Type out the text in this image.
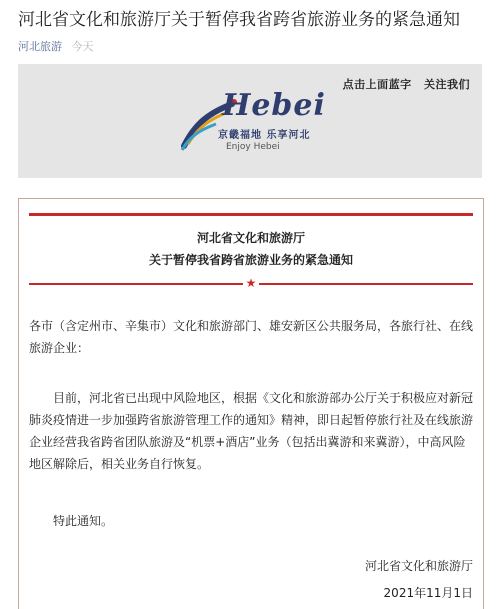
河北省文化和旅游厅关于暂停我省跨省旅游业务的紧急通知
河北旅游 今天
点击上面蓝字 关注我们
Hebei
京畿福地 乐享河北
Enjoy Hebei
河北省文化和旅游厅
关于暂停我省跨省旅游业务的紧急通知
★
各市（含定州市、辛集市）文化和旅游部门、雄安新区公共服务局，各旅行社、在线旅游企业：
目前，河北省已出现中风险地区，根据《文化和旅游部办公厅关于积极应对新冠肺炎疫情进一步加强跨省旅游管理工作的通知》精神，即日起暂停旅行社及在线旅游企业经营我省跨省团队旅游及“机票+酒店”业务（包括出冀游和来冀游），中高风险地区解除后，相关业务自行恢复。
特此通知。
河北省文化和旅游厅
2021年11月1日
